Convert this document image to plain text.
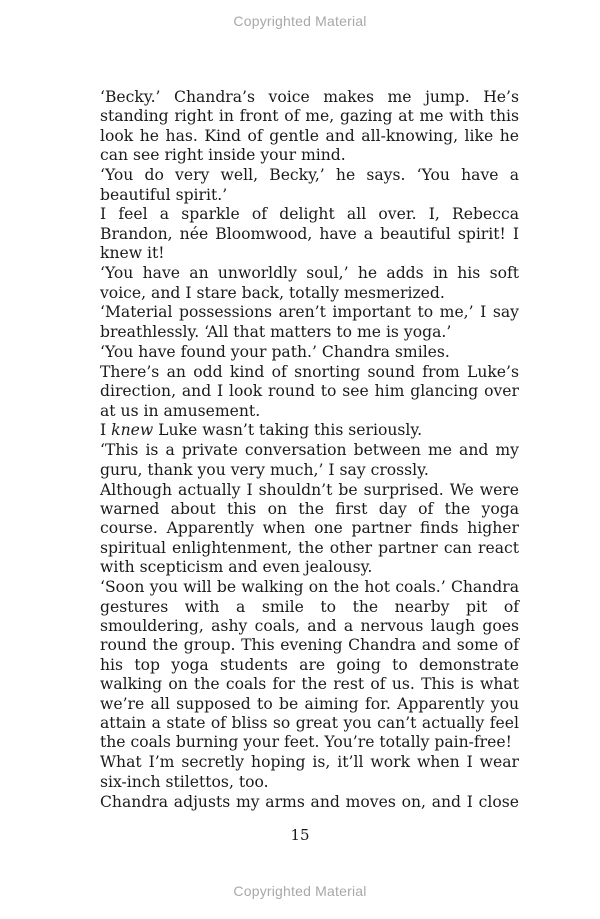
Copyrighted Material

‘Becky.’ Chandra’s voice makes me jump. He’s standing right in front of me, gazing at me with this look he has. Kind of gentle and all-knowing, like he can see right inside your mind.

‘You do very well, Becky,’ he says. ‘You have a beautiful spirit.’

I feel a sparkle of delight all over. I, Rebecca Brandon, née Bloomwood, have a beautiful spirit! I knew it!

‘You have an unworldly soul,’ he adds in his soft voice, and I stare back, totally mesmerized.

‘Material possessions aren’t important to me,’ I say breathlessly. ‘All that matters to me is yoga.’

‘You have found your path.’ Chandra smiles.

There’s an odd kind of snorting sound from Luke’s direction, and I look round to see him glancing over at us in amusement.

I knew Luke wasn’t taking this seriously.

‘This is a private conversation between me and my guru, thank you very much,’ I say crossly.

Although actually I shouldn’t be surprised. We were warned about this on the first day of the yoga course. Apparently when one partner finds higher spiritual enlightenment, the other partner can react with scepticism and even jealousy.

‘Soon you will be walking on the hot coals.’ Chandra gestures with a smile to the nearby pit of smouldering, ashy coals, and a nervous laugh goes round the group. This evening Chandra and some of his top yoga students are going to demonstrate walking on the coals for the rest of us. This is what we’re all supposed to be aiming for. Apparently you attain a state of bliss so great you can’t actually feel the coals burning your feet. You’re totally pain-free!

What I’m secretly hoping is, it’ll work when I wear six-inch stilettos, too.

Chandra adjusts my arms and moves on, and I close

15
Copyrighted Material
